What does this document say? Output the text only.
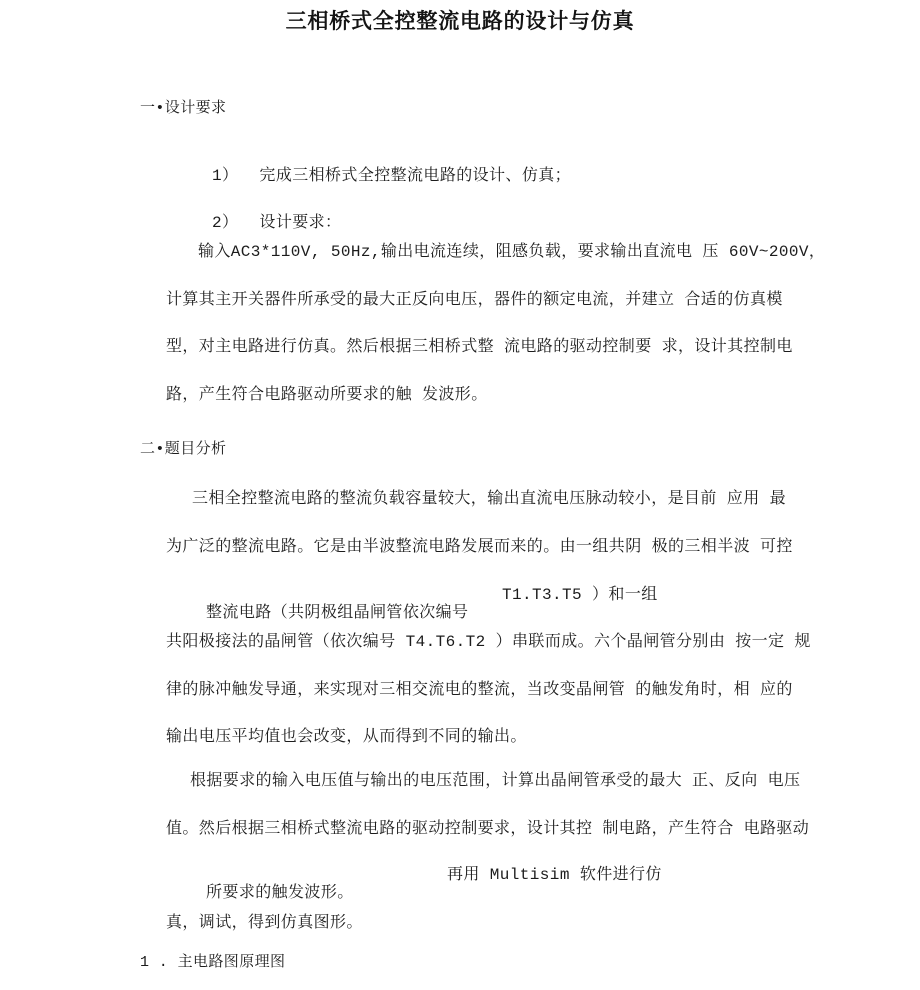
三相桥式全控整流电路的设计与仿真
一•设计要求

1） 完成三相桥式全控整流电路的设计、仿真；

2） 设计要求：

输入AC3*110V, 50Hz,输出电流连续，阻感负载，要求输出直流电 压 60V~200V，
计算其主开关器件所承受的最大正反向电压，器件的额定电流，并建立 合适的仿真模
型，对主电路进行仿真。然后根据三相桥式整 流电路的驱动控制要 求，设计其控制电
路，产生符合电路驱动所要求的触 发波形。
二•题目分析
三相全控整流电路的整流负载容量较大，输出直流电压脉动较小，是目前 应用 最
为广泛的整流电路。它是由半波整流电路发展而来的。由一组共阴 极的三相半波 可控

整流电路（共阴极组晶闸管依次编号

T1.T3.T5 ）和一组

共阳极接法的晶闸管（依次编号 T4.T6.T2 ）串联而成。六个晶闸管分别由 按一定 规
律的脉冲触发导通，来实现对三相交流电的整流，当改变晶闸管 的触发角时，相 应的
输出电压平均值也会改变，从而得到不同的输出。
根据要求的输入电压值与输出的电压范围，计算出晶闸管承受的最大 正、反向 电压
值。然后根据三相桥式整流电路的驱动控制要求，设计其控 制电路，产生符合 电路驱动

所要求的触发波形。

再用 Multisim 软件进行仿

真，调试，得到仿真图形。
1 . 主电路图原理图
